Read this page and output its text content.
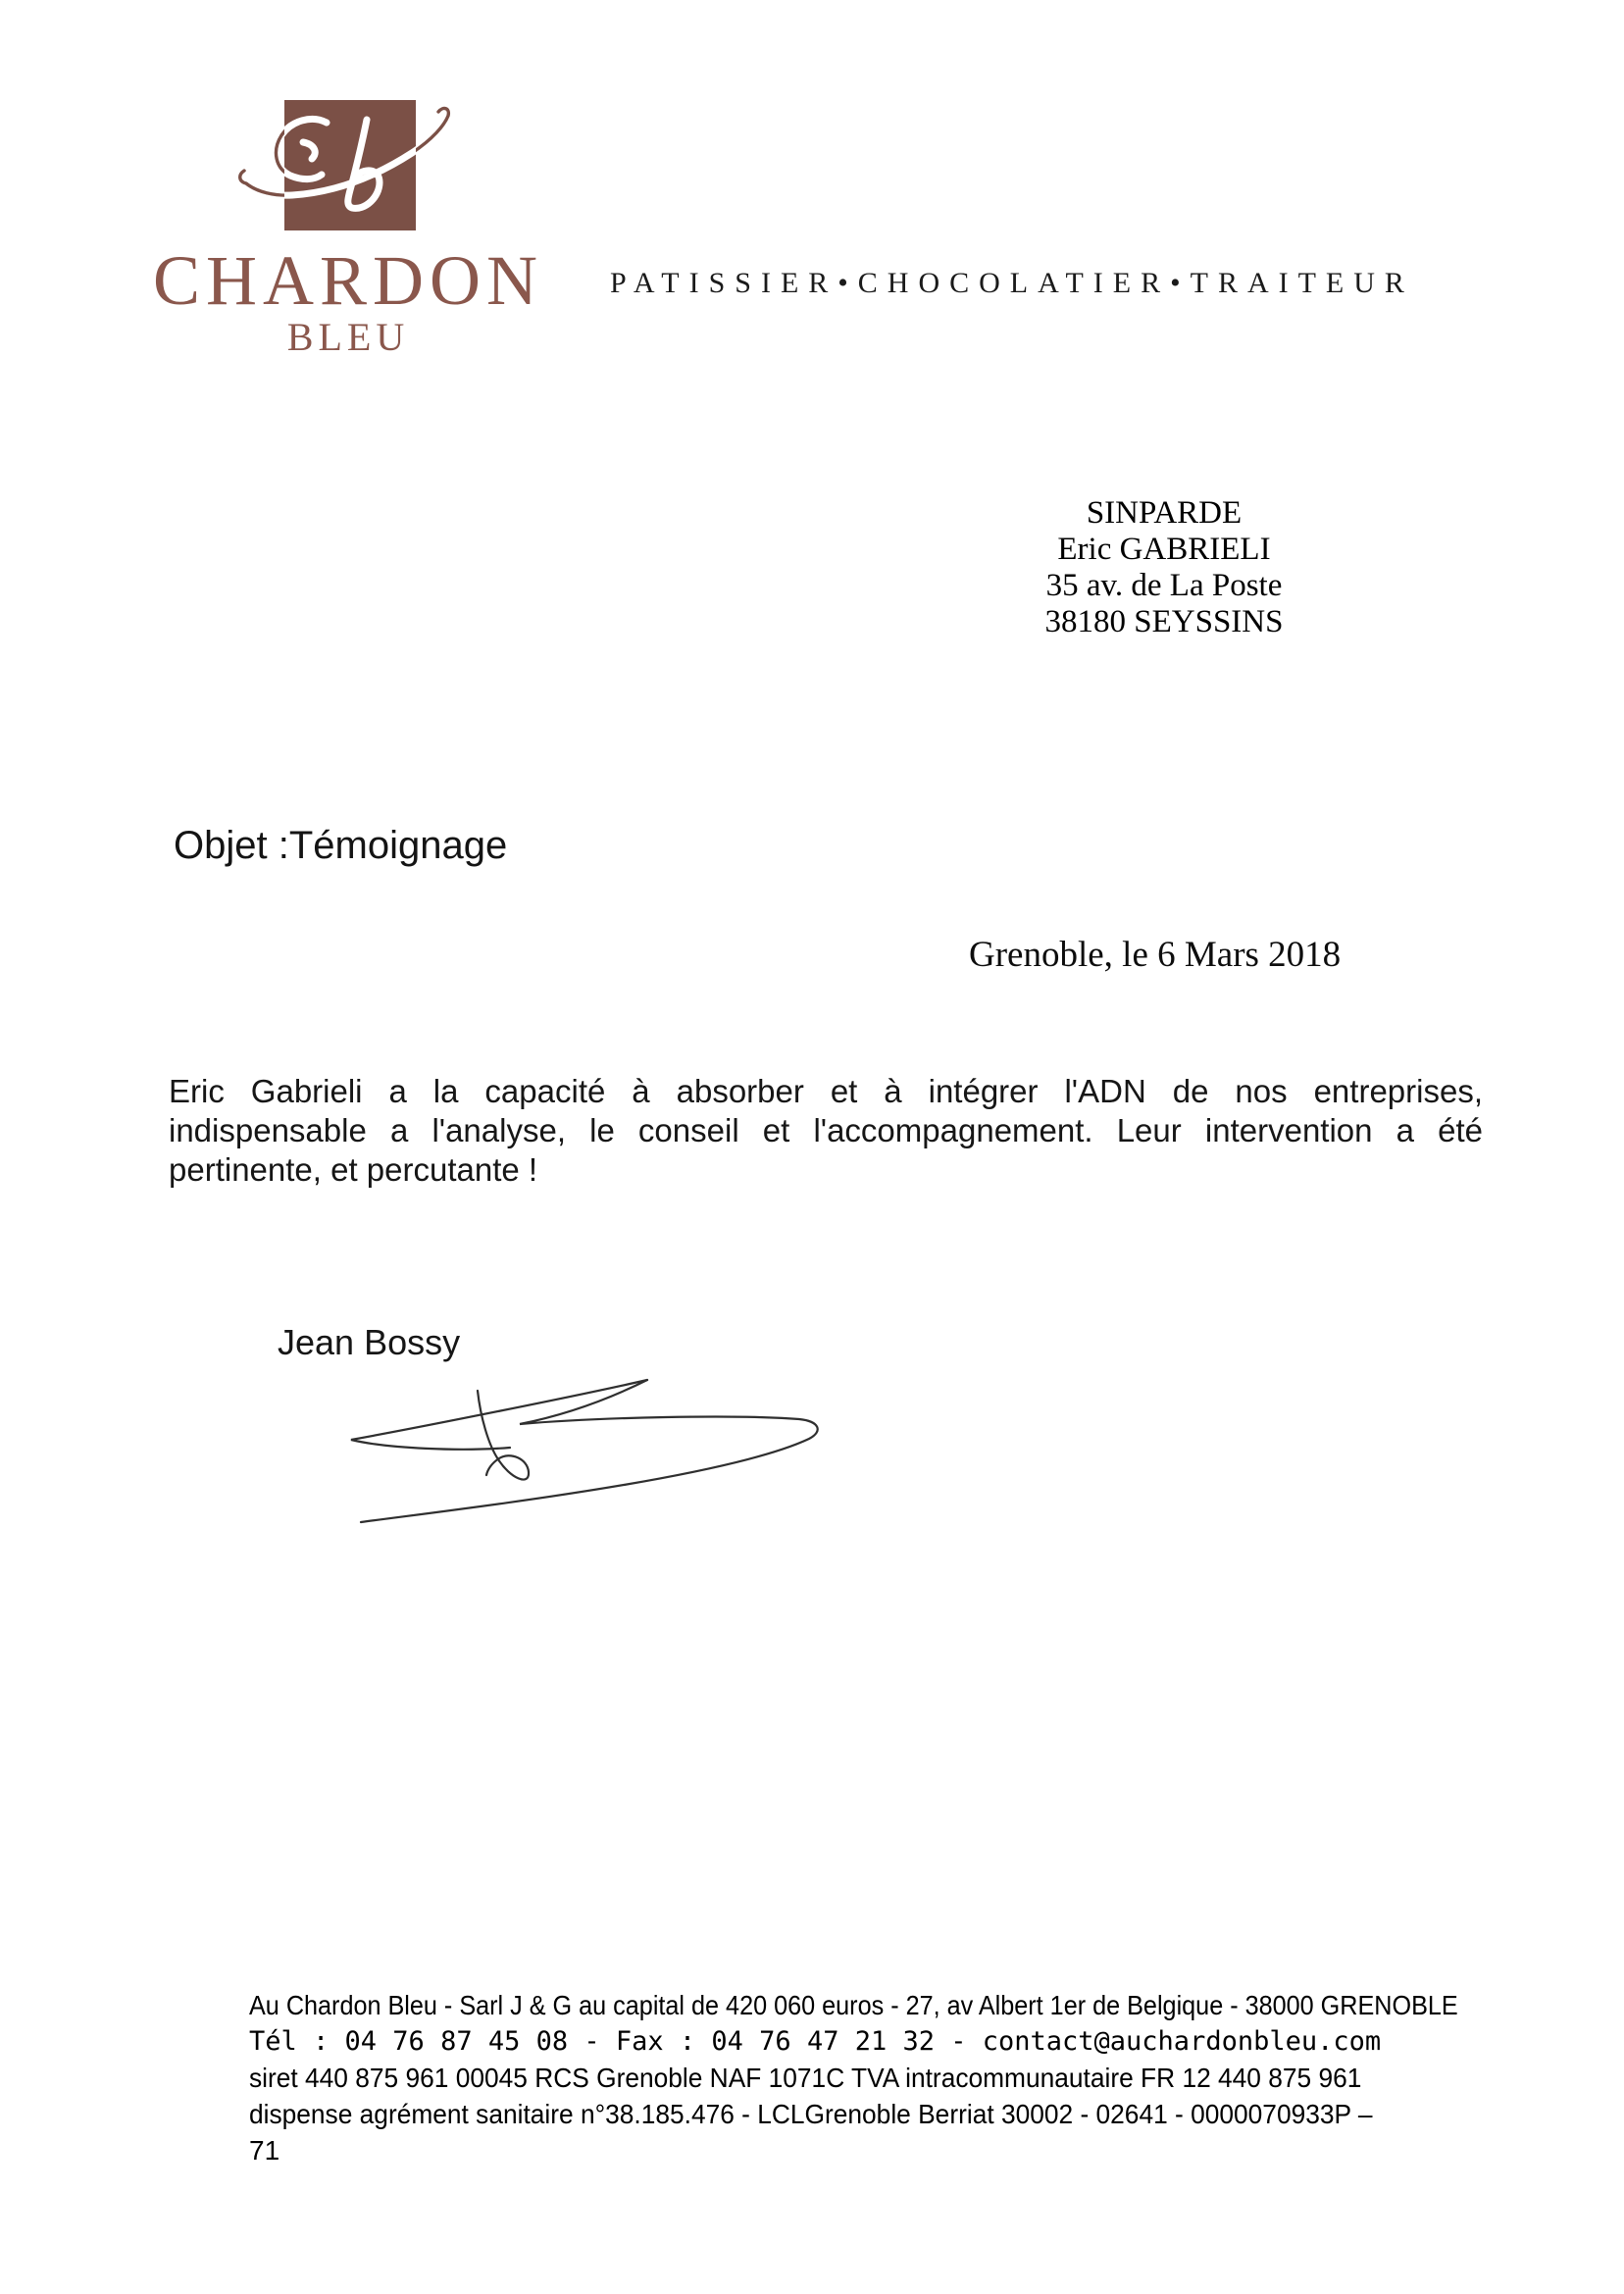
CHARDON
BLEU
PATISSIER•CHOCOLATIER•TRAITEUR
SINPARDE
Eric GABRIELI
35 av. de La Poste
38180 SEYSSINS
Objet :Témoignage
Grenoble, le 6 Mars 2018
Eric Gabrieli a la capacité à absorber et à intégrer l'ADN de nos entreprises,
indispensable a l'analyse, le conseil et l'accompagnement. Leur intervention a été
pertinente, et percutante !
Jean Bossy
Au Chardon Bleu - Sarl J & G au capital de 420 060 euros - 27, av Albert 1er de Belgique - 38000 GRENOBLE
Tél : 04 76 87 45 08 - Fax : 04 76 47 21 32 - contact@auchardonbleu.com
siret 440 875 961 00045 RCS Grenoble NAF 1071C TVA intracommunautaire FR 12 440 875 961
dispense agrément sanitaire n°38.185.476 - LCLGrenoble Berriat 30002 - 02641 - 0000070933P –
71
